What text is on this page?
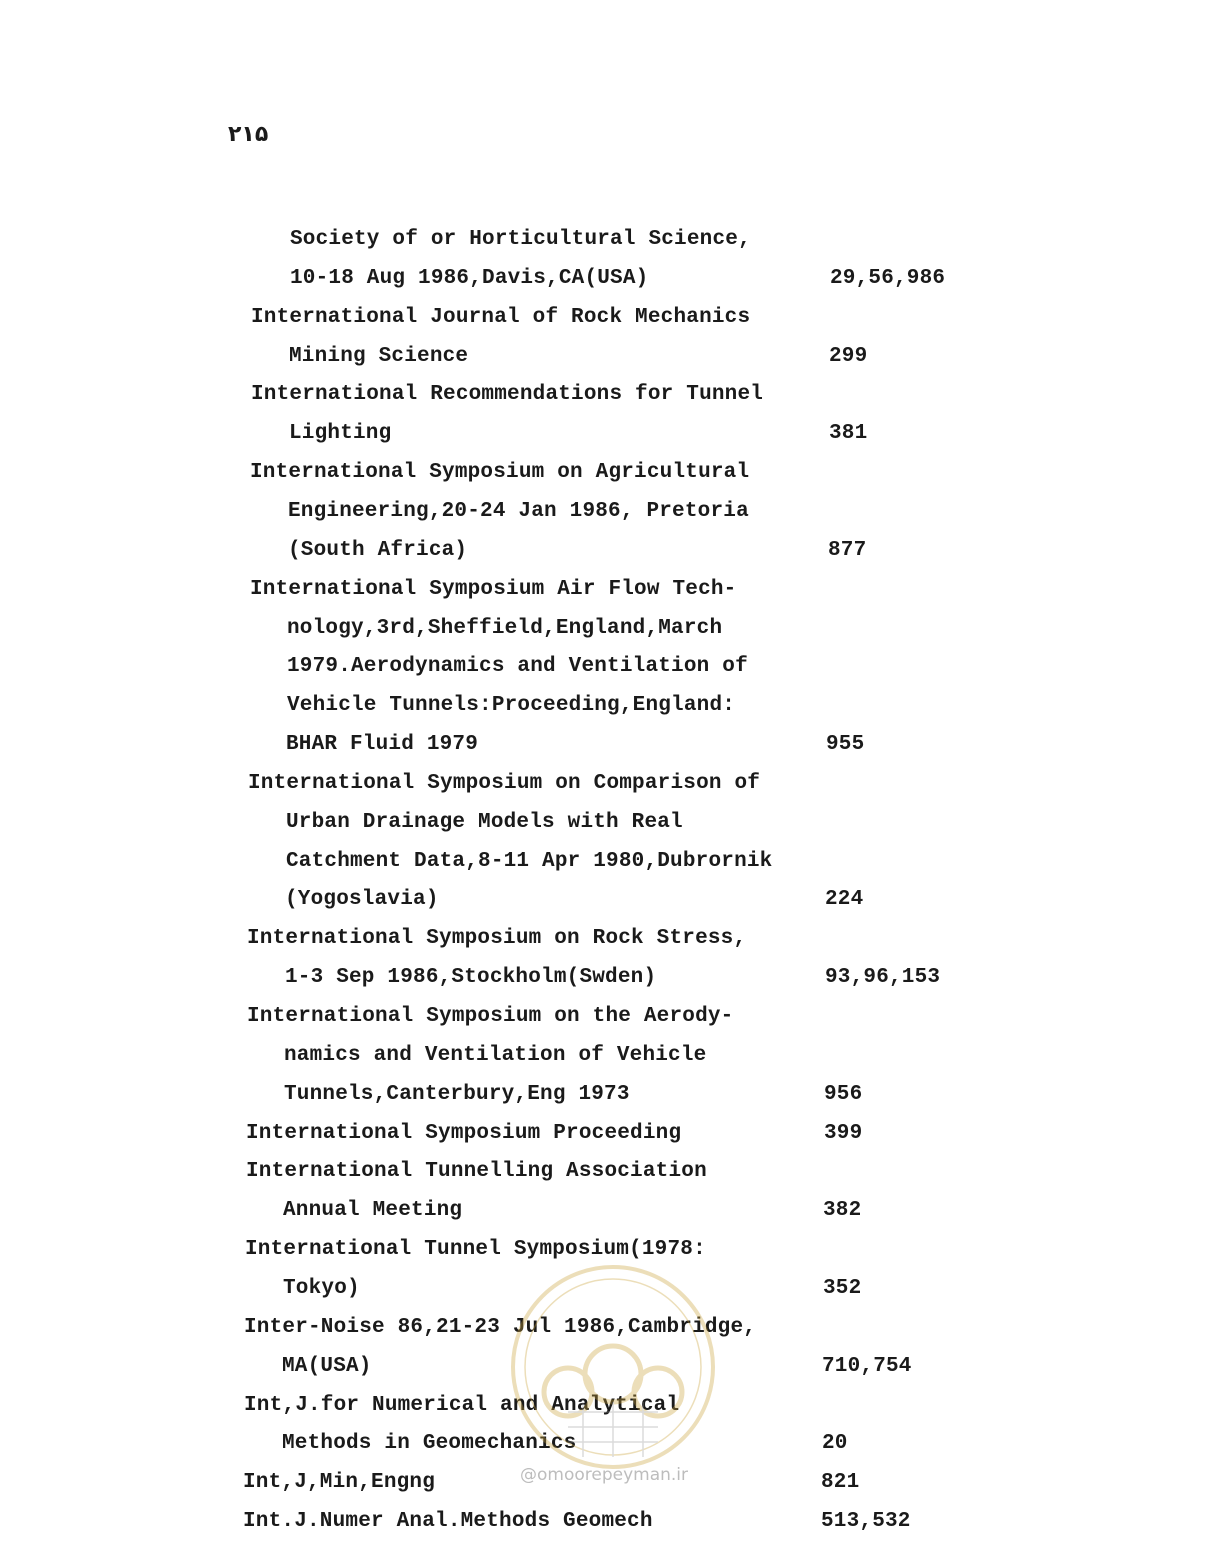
۲۱۵
Society of or Horticultural Science,
10-18 Aug 1986,Davis,CA(USA)	29,56,986
International Journal of Rock Mechanics
Mining Science	299
International Recommendations for Tunnel
Lighting	381
International Symposium on Agricultural
Engineering,20-24 Jan 1986, Pretoria
(South Africa)	877
International Symposium Air Flow Tech-
nology,3rd,Sheffield,England,March
1979.Aerodynamics and Ventilation of
Vehicle Tunnels:Proceeding,England:
BHAR Fluid 1979	955
International Symposium on Comparison of
Urban Drainage Models with Real
Catchment Data,8-11 Apr 1980,Dubrornik
(Yogoslavia)	224
International Symposium on Rock Stress,
1-3 Sep 1986,Stockholm(Swden)	93,96,153
International Symposium on the Aerody-
namics and Ventilation of Vehicle
Tunnels,Canterbury,Eng 1973	956
International Symposium Proceeding	399
International Tunnelling Association
Annual Meeting	382
International Tunnel Symposium(1978:
Tokyo)	352
Inter-Noise 86,21-23 Jul 1986,Cambridge,
MA(USA)	710,754
Int,J.for Numerical and Analytical
Methods in Geomechanics	20
Int,J,Min,Engng	821
Int.J.Numer Anal.Methods Geomech	513,532
@omoorepeyman.ir
